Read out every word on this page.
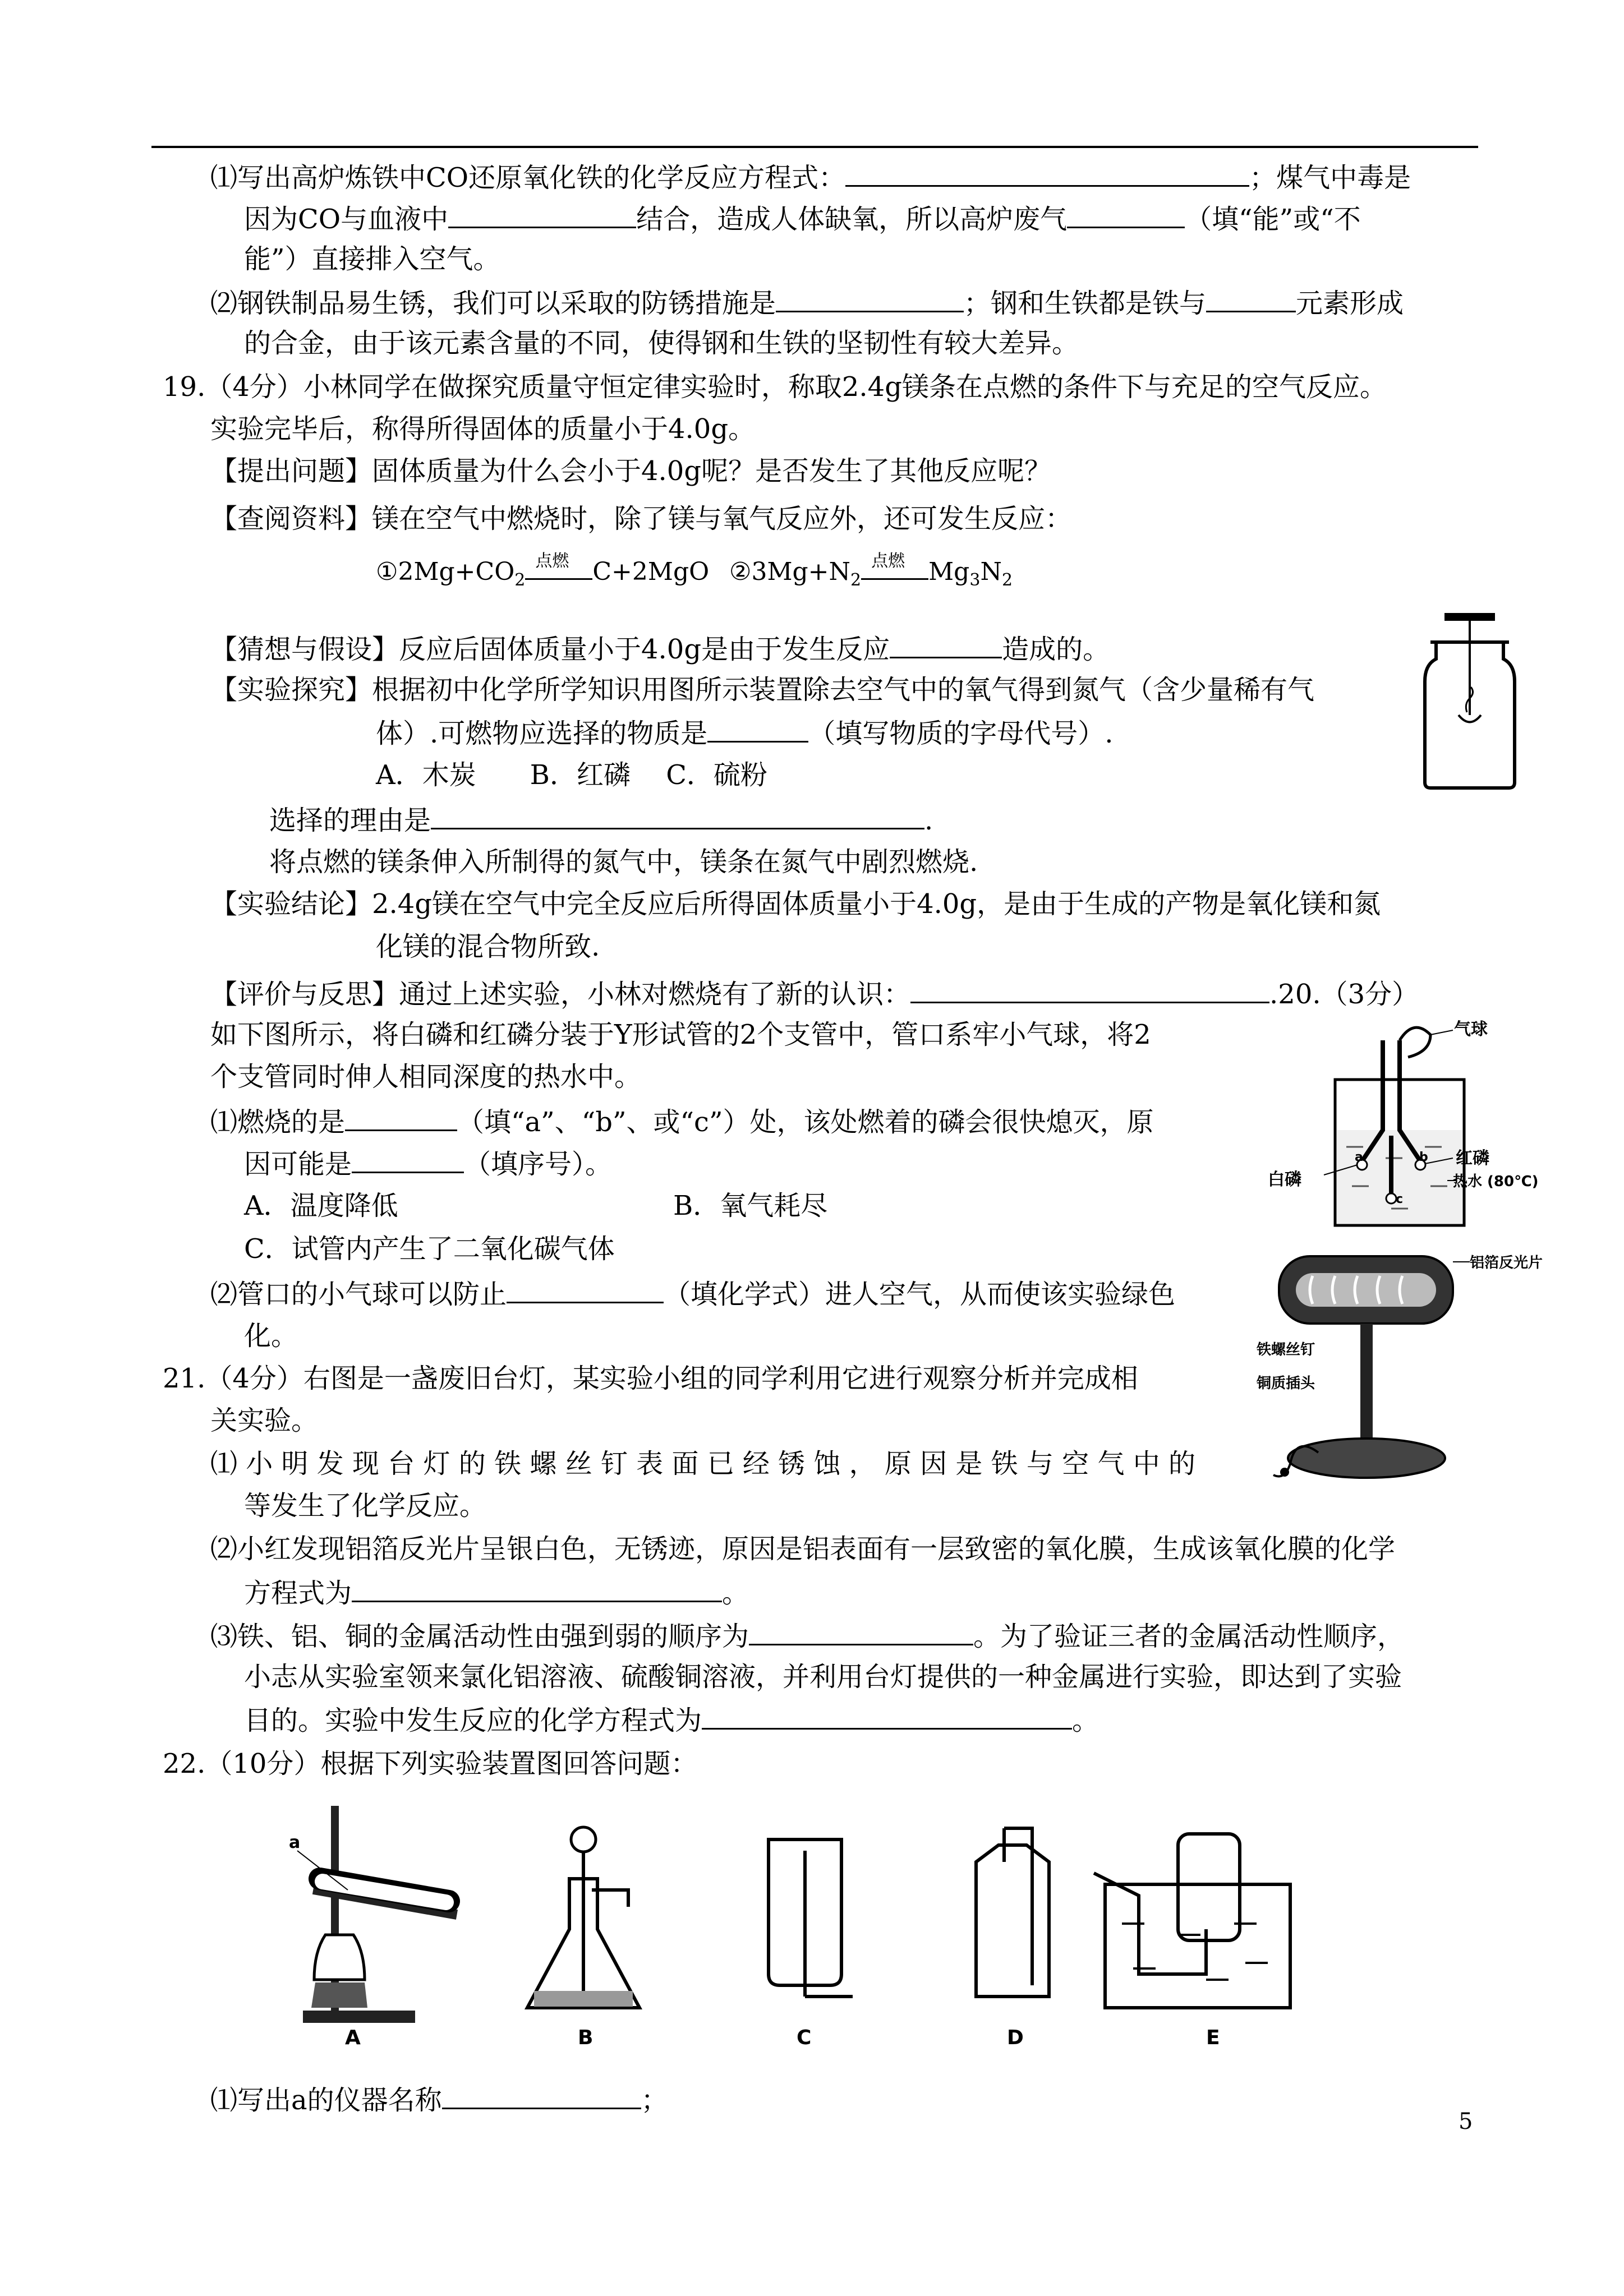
⑴写出高炉炼铁中CO还原氧化铁的化学反应方程式：	；煤气中毒是
因为CO与血液中	结合，造成人体缺氧，所以高炉废气	（填“能”或“不
能”）直接排入空气。
⑵钢铁制品易生锈，我们可以采取的防锈措施是	；钢和生铁都是铁与	元素形成
的合金，由于该元素含量的不同，使得钢和生铁的坚韧性有较大差异。
19.（4分）小林同学在做探究质量守恒定律实验时，称取2.4g镁条在点燃的条件下与充足的空气反应。
实验完毕后，称得所得固体的质量小于4.0g。
【提出问题】固体质量为什么会小于4.0g呢？是否发生了其他反应呢？
【查阅资料】镁在空气中燃烧时，除了镁与氧气反应外，还可发生反应：
$①2Mg+CO_2$
点燃 C+2MgO $②3Mg+N_2$
点燃 $Mg_3N_2$
【猜想与假设】反应后固体质量小于4.0g是由于发生反应	造成的。
【实验探究】根据初中化学所学知识用图所示装置除去空气中的氧气得到氮气（含少量稀有气
体）.可燃物应选择的物质是	（填写物质的字母代号）.
A．木炭　　B．红磷　 C．硫粉
选择的理由是	.
将点燃的镁条伸入所制得的氮气中，镁条在氮气中剧烈燃烧.
【实验结论】2.4g镁在空气中完全反应后所得固体质量小于4.0g，是由于生成的产物是氧化镁和氮
化镁的混合物所致.
【评价与反思】通过上述实验，小林对燃烧有了新的认识：	.20.（3分）
如下图所示，将白磷和红磷分装于Y形试管的2个支管中，管口系牢小气球，将2
个支管同时伸人相同深度的热水中。
⑴燃烧的是	（填“a”、“b”、或“c”）处，该处燃着的磷会很快熄灭，原
因可能是	（填序号）。
A．温度降低	B．氧气耗尽
C．试管内产生了二氧化碳气体
⑵管口的小气球可以防止	（填化学式）进人空气，从而使该实验绿色
化。
a	b
c
气球
红磷
白磷	热水 (80℃)
铝箔反光片
铁螺丝钉
铜质插头
21.（4分）右图是一盏废旧台灯，某实验小组的同学利用它进行观察分析并完成相
关实验。
⑴ 小 明 发 现 台 灯 的 铁 螺 丝 钉 表 面 已 经 锈 蚀 ， 原 因 是 铁 与 空 气 中 的
等发生了化学反应。
⑵小红发现铝箔反光片呈银白色，无锈迹，原因是铝表面有一层致密的氧化膜，生成该氧化膜的化学
方程式为	。
⑶铁、铝、铜的金属活动性由强到弱的顺序为	。为了验证三者的金属活动性顺序，
小志从实验室领来氯化铝溶液、硫酸铜溶液，并利用台灯提供的一种金属进行实验，即达到了实验
目的。实验中发生反应的化学方程式为	。
22.（10分）根据下列实验装置图回答问题：
a
A	B	C	D	E
⑴写出a的仪器名称	；
5
